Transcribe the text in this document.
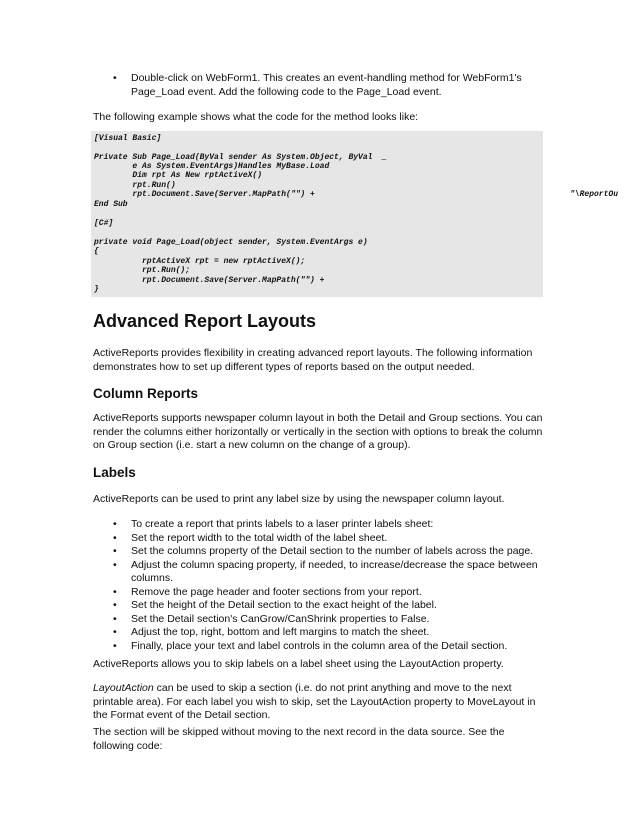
• Double-click on WebForm1. This creates an event-handling method for WebForm1's
Page_Load event. Add the following code to the Page_Load event.
The following example shows what the code for the method looks like:

[Visual Basic]

Private Sub Page_Load(ByVal sender As System.Object, ByVal  _

e As System.EventArgs)Handles MyBase.Load

Dim rpt As New rptActiveX()

rpt.Run()

rpt.Document.Save(Server.MapPath("") +

	"\ReportOu

End Sub

[C#]

private void Page_Load(object sender, System.EventArgs e)

{

rptActiveX rpt = new rptActiveX();

rpt.Run();

rpt.Document.Save(Server.MapPath("") +

}

Advanced Report Layouts
ActiveReports provides flexibility in creating advanced report layouts. The following information
demonstrates how to set up different types of reports based on the output needed.
Column Reports
ActiveReports supports newspaper column layout in both the Detail and Group sections. You can
render the columns either horizontally or vertically in the section with options to break the column
on Group section (i.e. start a new column on the change of a group).
Labels
ActiveReports can be used to print any label size by using the newspaper column layout.
• To create a report that prints labels to a laser printer labels sheet:
• Set the report width to the total width of the label sheet.
• Set the columns property of the Detail section to the number of labels across the page.
• Adjust the column spacing property, if needed, to increase/decrease the space between
columns.
• Remove the page header and footer sections from your report.
• Set the height of the Detail section to the exact height of the label.
• Set the Detail section's CanGrow/CanShrink properties to False.
• Adjust the top, right, bottom and left margins to match the sheet.
• Finally, place your text and label controls in the column area of the Detail section.
ActiveReports allows you to skip labels on a label sheet using the LayoutAction property.
LayoutAction can be used to skip a section (i.e. do not print anything and move to the next
printable area). For each label you wish to skip, set the LayoutAction property to MoveLayout in
the Format event of the Detail section.
The section will be skipped without moving to the next record in the data source. See the
following code:
